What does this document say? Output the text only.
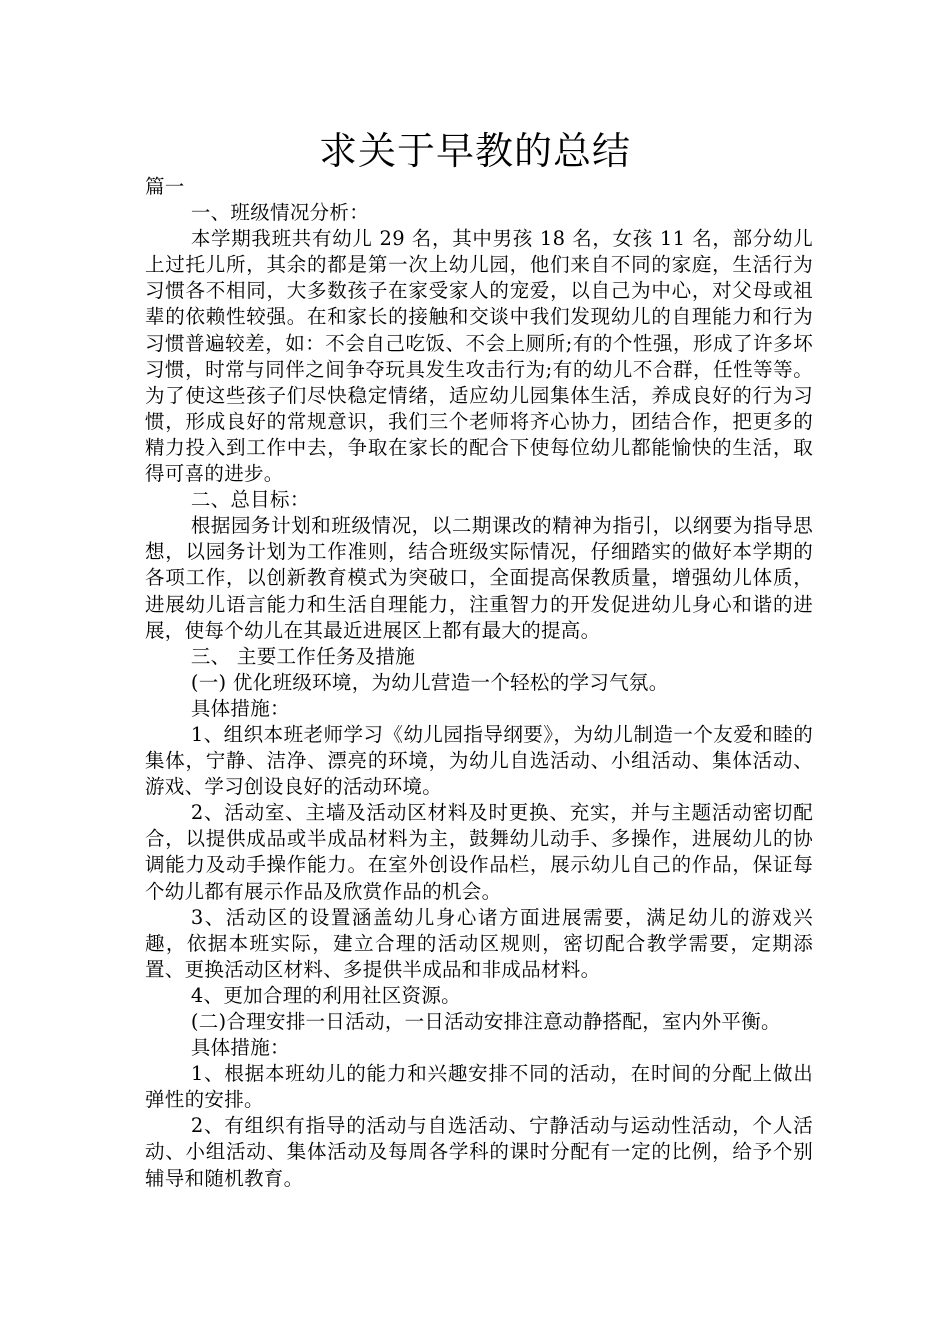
求关于早教的总结

篇一

一、班级情况分析：

本学期我班共有幼儿 29 名，其中男孩 18 名，女孩 11 名，部分幼儿上过托儿所，其余的都是第一次上幼儿园，他们来自不同的家庭，生活行为习惯各不相同，大多数孩子在家受家人的宠爱，以自己为中心，对父母或祖辈的依赖性较强。在和家长的接触和交谈中我们发现幼儿的自理能力和行为习惯普遍较差，如：不会自己吃饭、不会上厕所;有的个性强，形成了许多坏习惯，时常与同伴之间争夺玩具发生攻击行为;有的幼儿不合群，任性等等。为了使这些孩子们尽快稳定情绪，适应幼儿园集体生活，养成良好的行为习惯，形成良好的常规意识，我们三个老师将齐心协力，团结合作，把更多的精力投入到工作中去，争取在家长的配合下使每位幼儿都能愉快的生活，取得可喜的进步。

二、总目标：

根据园务计划和班级情况，以二期课改的精神为指引，以纲要为指导思想，以园务计划为工作准则，结合班级实际情况，仔细踏实的做好本学期的各项工作，以创新教育模式为突破口，全面提高保教质量，增强幼儿体质，进展幼儿语言能力和生活自理能力，注重智力的开发促进幼儿身心和谐的进展，使每个幼儿在其最近进展区上都有最大的提高。

三、 主要工作任务及措施

(一) 优化班级环境，为幼儿营造一个轻松的学习气氛。

具体措施：

1、组织本班老师学习《幼儿园指导纲要》，为幼儿制造一个友爱和睦的集体，宁静、洁净、漂亮的环境，为幼儿自选活动、小组活动、集体活动、游戏、学习创设良好的活动环境。

2、活动室、主墙及活动区材料及时更换、充实，并与主题活动密切配合，以提供成品或半成品材料为主，鼓舞幼儿动手、多操作，进展幼儿的协调能力及动手操作能力。在室外创设作品栏，展示幼儿自己的作品，保证每个幼儿都有展示作品及欣赏作品的机会。

3、活动区的设置涵盖幼儿身心诸方面进展需要，满足幼儿的游戏兴趣，依据本班实际，建立合理的活动区规则，密切配合教学需要，定期添置、更换活动区材料、多提供半成品和非成品材料。

4、更加合理的利用社区资源。

(二)合理安排一日活动，一日活动安排注意动静搭配，室内外平衡。

具体措施：

1、根据本班幼儿的能力和兴趣安排不同的活动，在时间的分配上做出弹性的安排。

2、有组织有指导的活动与自选活动、宁静活动与运动性活动，个人活动、小组活动、集体活动及每周各学科的课时分配有一定的比例，给予个别辅导和随机教育。
